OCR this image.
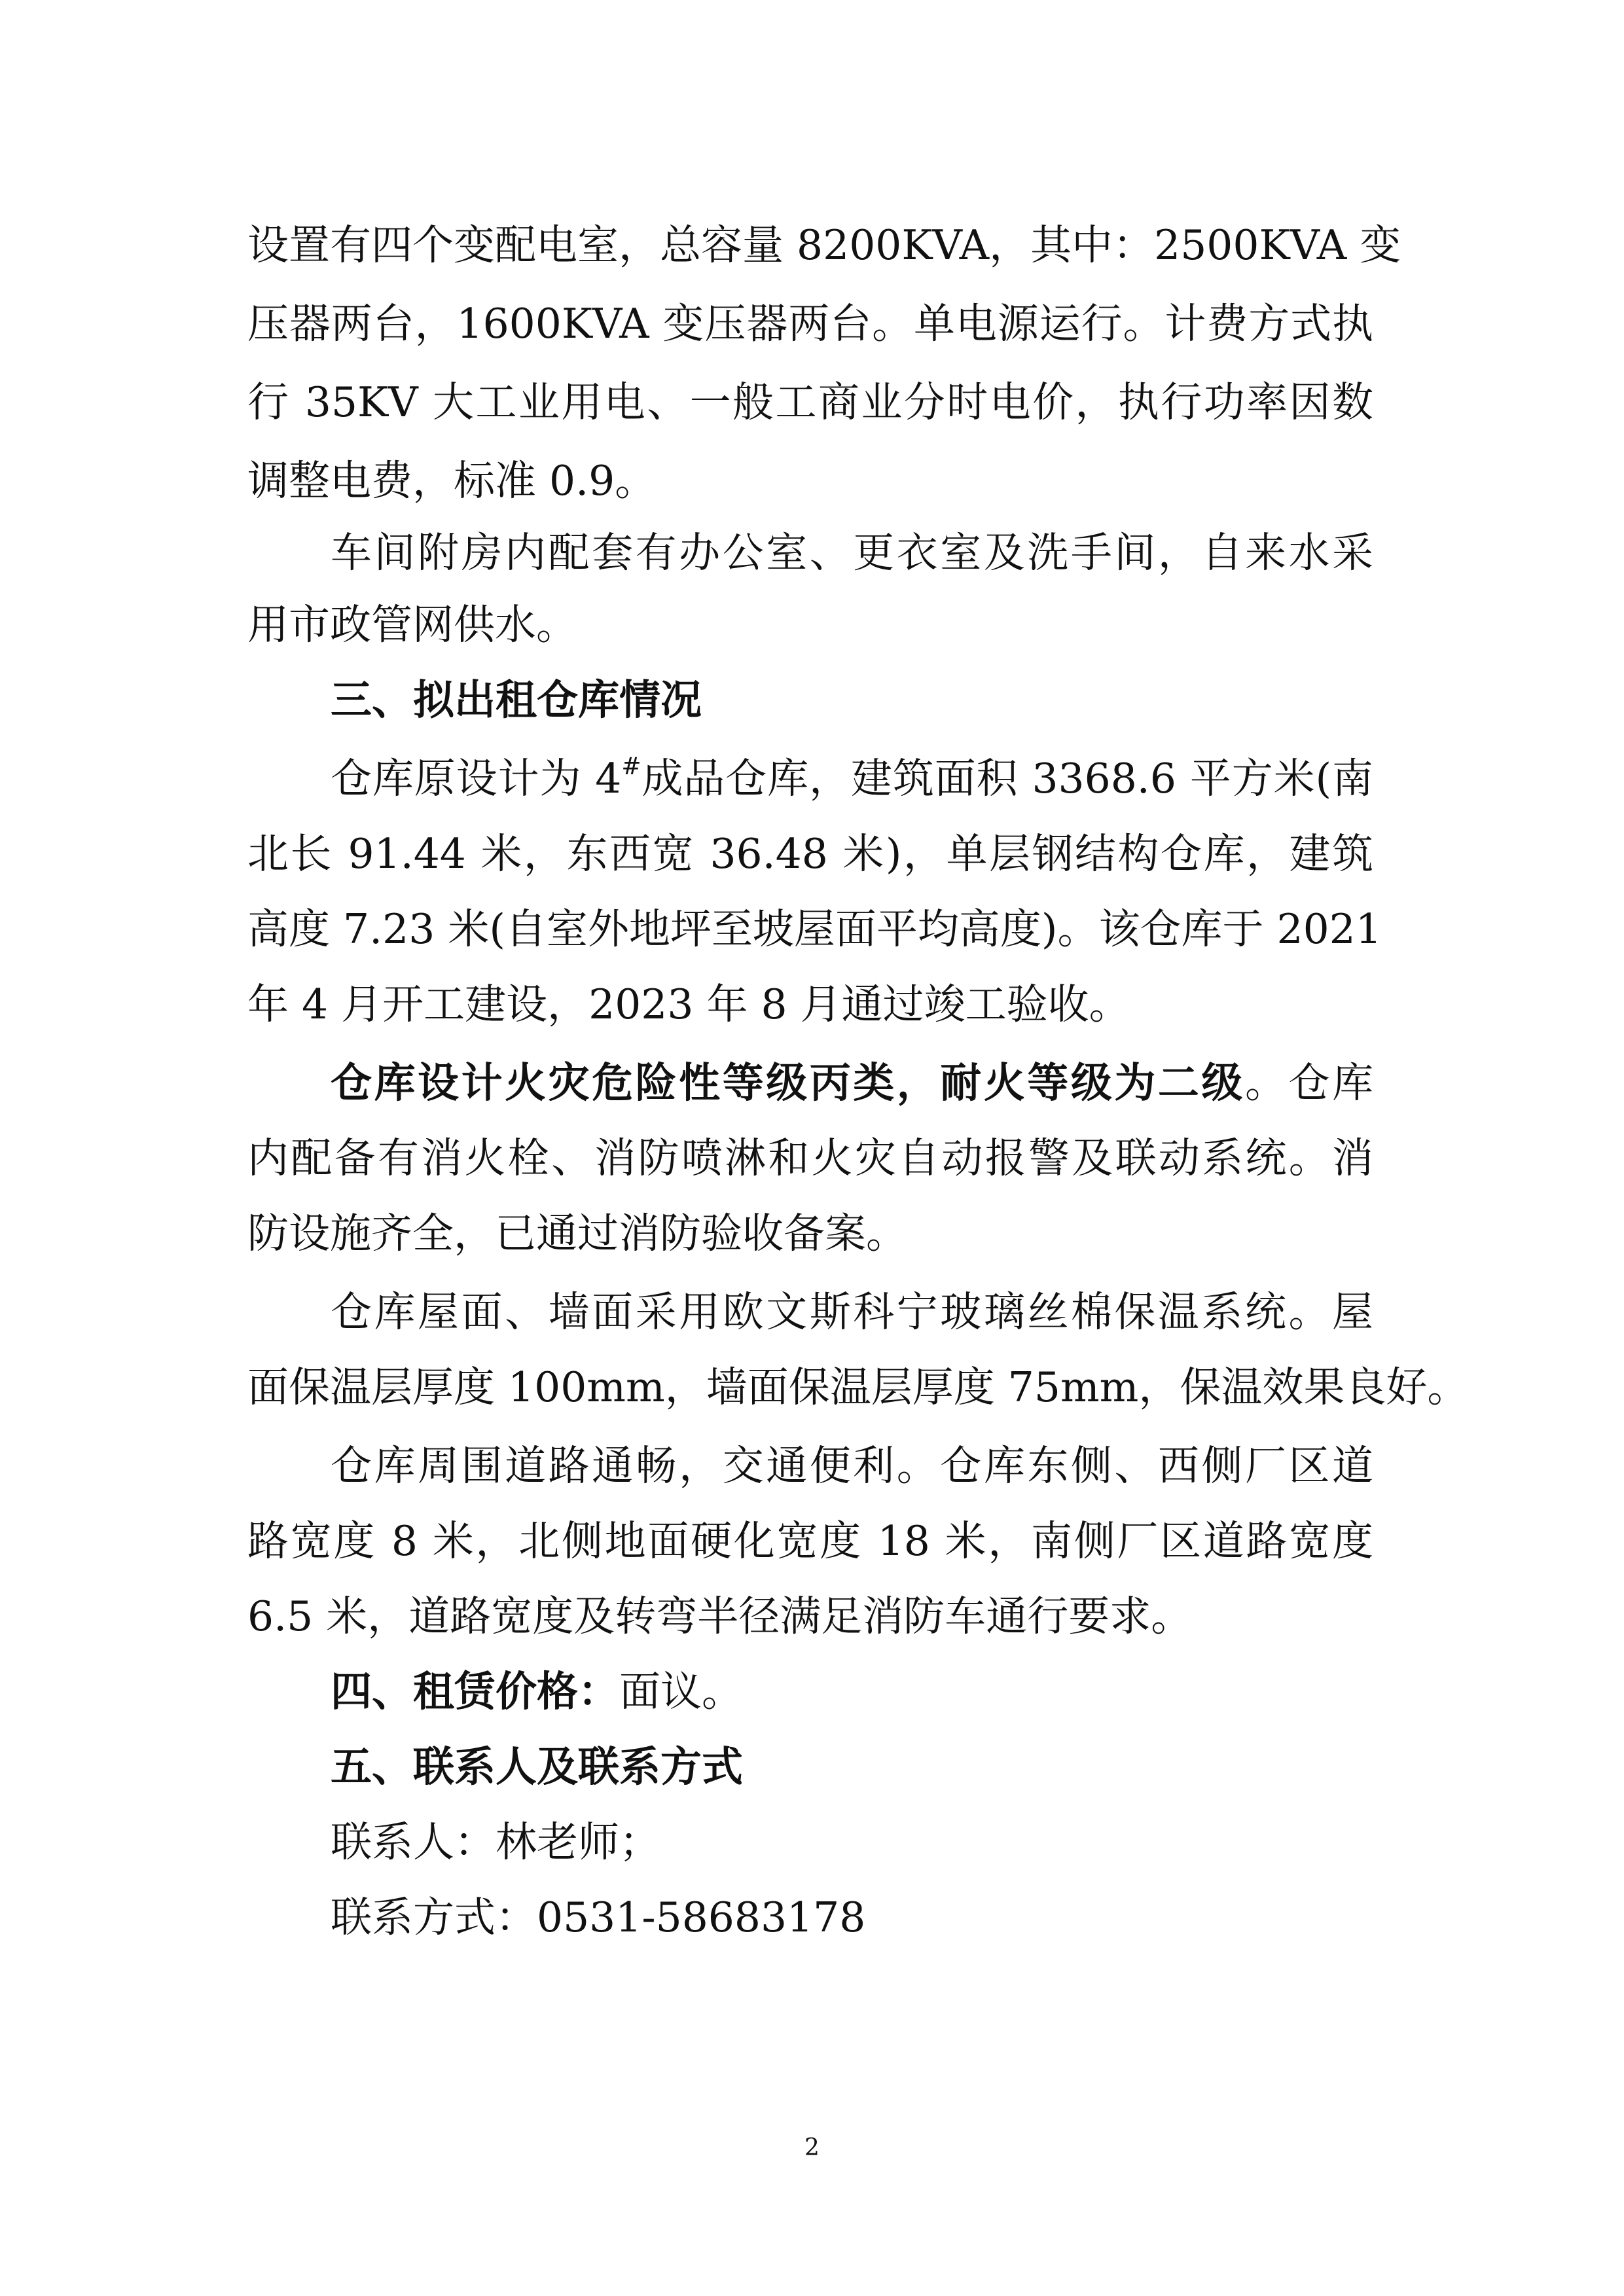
设置有四个变配电室，总容量 8200KVA，其中：2500KVA 变

压器两台，1600KVA 变压器两台。单电源运行。计费方式执

行 35KV 大工业用电、一般工商业分时电价，执行功率因数

调整电费，标准 0.9。

车间附房内配套有办公室、更衣室及洗手间，自来水采

用市政管网供水。

三、拟出租仓库情况

仓库原设计为 4#成品仓库，建筑面积 3368.6 平方米(南

北长 91.44 米，东西宽 36.48 米)，单层钢结构仓库，建筑

高度 7.23 米(自室外地坪至坡屋面平均高度)。该仓库于 2021

年 4 月开工建设，2023 年 8 月通过竣工验收。

仓库设计火灾危险性等级丙类，耐火等级为二级。仓库

内配备有消火栓、消防喷淋和火灾自动报警及联动系统。消

防设施齐全，已通过消防验收备案。

仓库屋面、墙面采用欧文斯科宁玻璃丝棉保温系统。屋

面保温层厚度 100mm，墙面保温层厚度 75mm，保温效果良好。

仓库周围道路通畅，交通便利。仓库东侧、西侧厂区道

路宽度 8 米，北侧地面硬化宽度 18 米，南侧厂区道路宽度

6.5 米，道路宽度及转弯半径满足消防车通行要求。

四、租赁价格：面议。

五、联系人及联系方式

联系人：林老师；

联系方式：0531-58683178

2
